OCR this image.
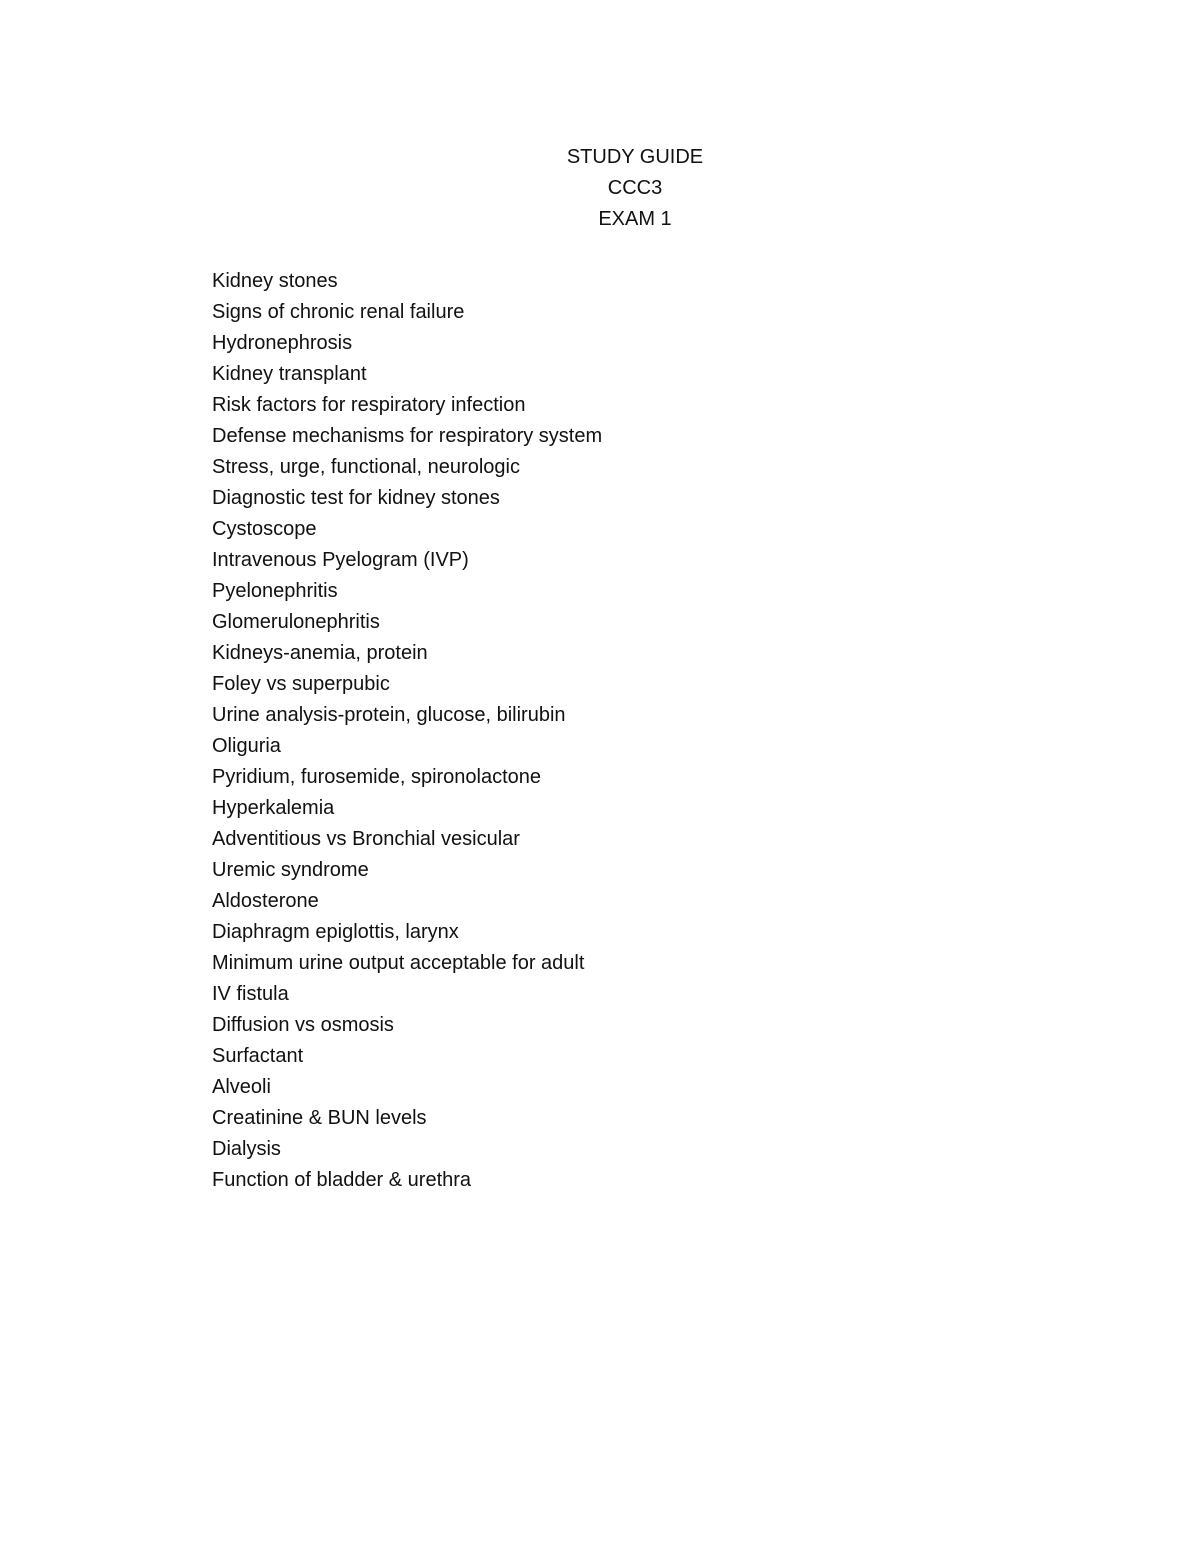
STUDY GUIDE
CCC3
EXAM 1
Kidney stones
Signs of chronic renal failure
Hydronephrosis
Kidney transplant
Risk factors for respiratory infection
Defense mechanisms for respiratory system
Stress, urge, functional, neurologic
Diagnostic test for kidney stones
Cystoscope
Intravenous Pyelogram (IVP)
Pyelonephritis
Glomerulonephritis
Kidneys-anemia, protein
Foley vs superpubic
Urine analysis-protein, glucose, bilirubin
Oliguria
Pyridium, furosemide, spironolactone
Hyperkalemia
Adventitious vs Bronchial vesicular
Uremic syndrome
Aldosterone
Diaphragm epiglottis, larynx
Minimum urine output acceptable for adult
IV fistula
Diffusion vs osmosis
Surfactant
Alveoli
Creatinine & BUN levels
Dialysis
Function of bladder & urethra
